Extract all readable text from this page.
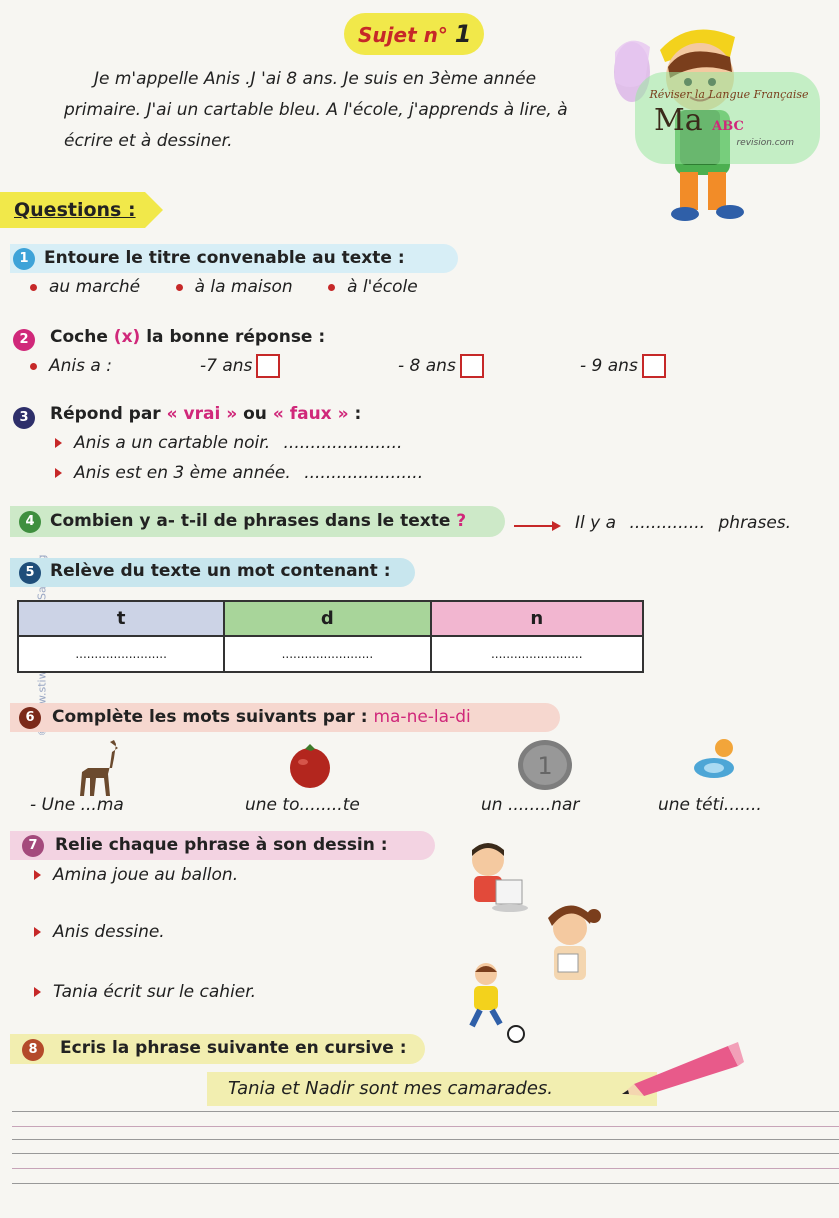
Sujet n° 1
Je m'appelle Anis .J 'ai 8 ans. Je suis en 3ème année
primaire. J'ai un cartable bleu. A l'école, j'apprends à lire, à
écrire et à dessiner.
Réviser la Langue Française
Ma ABC
revision.com
Questions :
1 Entoure le titre convenable au texte :
au marché	à la maison	à l'école
2	Coche (x) la bonne réponse :
Anis a :	-7 ans	- 8 ans	- 9 ans
3	Répond par « vrai » ou « faux » :
Anis a un cartable noir. ......................
Anis est en 3 ème année. ......................
4 Combien y a- t-il de phrases dans le texte ?	Il y a .............. phrases.
5 Relève du texte un mot contenant :
t	d	n
........................	........................	........................
6	Complète les mots suivants par : ma-ne-la-di
1
- Une ...ma	une to........te	un ........nar	une téti.......
7	Relie chaque phrase à son dessin :
Amina joue au ballon.
Anis dessine.
Tania écrit sur le cahier.
8	Ecris la phrase suivante en cursive :
Tania et Nadir sont mes camarades.
